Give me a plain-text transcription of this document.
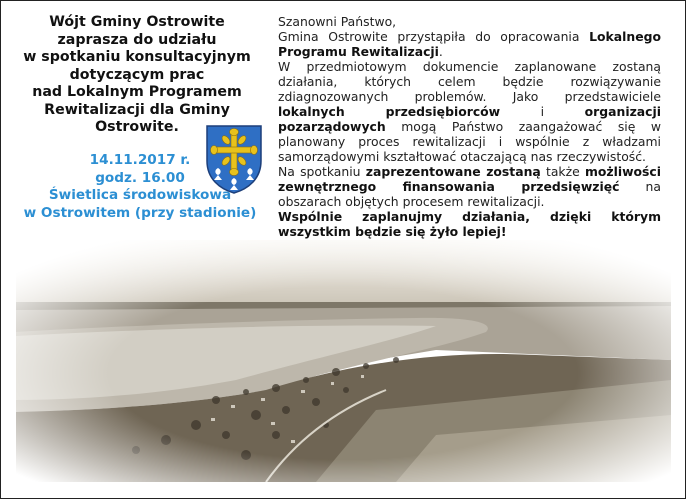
Wójt Gminy Ostrowite
zaprasza do udziału
w spotkaniu konsultacyjnym
dotyczącym prac
nad Lokalnym Programem
Rewitalizacji dla Gminy
Ostrowite.

14.11.2017 r.
godz. 16.00
Świetlica środowiskowa
w Ostrowitem (przy stadionie)

Szanowni Państwo,

Gmina Ostrowite przystąpiła do opracowania Lokalnego Programu Rewitalizacji.

W przedmiotowym dokumencie zaplanowane zostaną działania, których celem będzie rozwiązywanie zdiagnozowanych problemów. Jako przedstawiciele lokalnych przedsiębiorców i organizacji pozarządowych mogą Państwo zaangażować się w planowany proces rewitalizacji i wspólnie z władzami samorządowymi kształtować otaczającą nas rzeczywistość.

Na spotkaniu zaprezentowane zostaną także możliwości zewnętrznego finansowania przedsięwzięć na obszarach objętych procesem rewitalizacji.

Wspólnie zaplanujmy działania, dzięki którym wszystkim będzie się żyło lepiej!
